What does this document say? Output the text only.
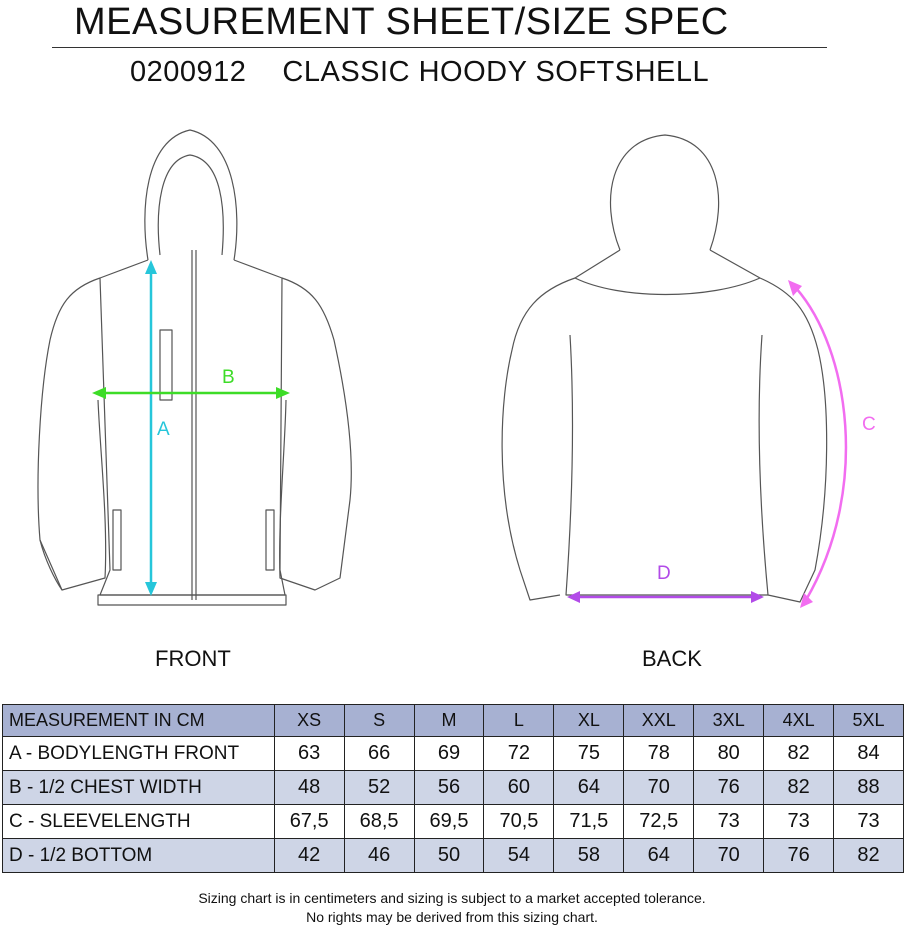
MEASUREMENT SHEET/SIZE SPEC
0200912 CLASSIC HOODY SOFTSHELL
A
B
C
D
FRONT	BACK
MEASUREMENT IN CM	XS	S	M	L	XL	XXL	3XL	4XL	5XL
A - BODYLENGTH FRONT	63	66	69	72	75	78	80	82	84
B - 1/2 CHEST WIDTH	48	52	56	60	64	70	76	82	88
C - SLEEVELENGTH	67,5	68,5	69,5	70,5	71,5	72,5	73	73	73
D - 1/2 BOTTOM	42	46	50	54	58	64	70	76	82
Sizing chart is in centimeters and sizing is subject to a market accepted tolerance.
No rights may be derived from this sizing chart.
